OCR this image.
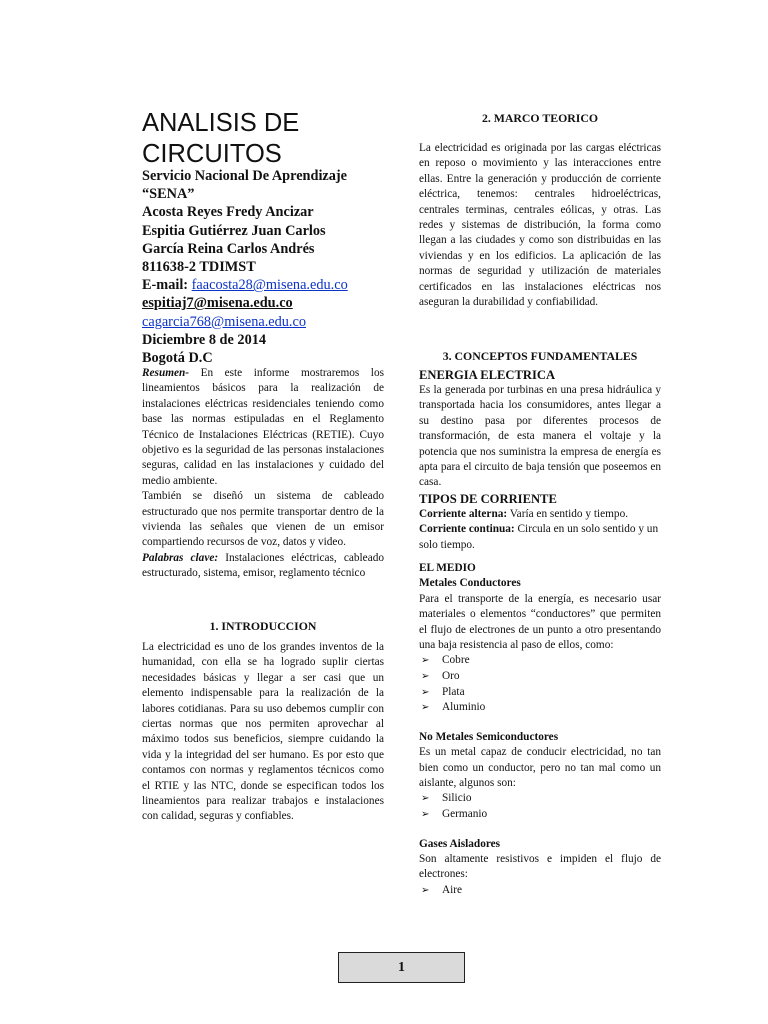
ANALISIS DE CIRCUITOS
Servicio Nacional De Aprendizaje
“SENA”
Acosta Reyes Fredy Ancizar
Espitia Gutiérrez Juan Carlos
García Reina Carlos Andrés
811638-2 TDIMST
E-mail: faacosta28@misena.edu.co
espitiaj7@misena.edu.co
cagarcia768@misena.edu.co
Diciembre 8 de 2014
Bogotá D.C

Resumen- En este informe mostraremos los lineamientos básicos para la realización de instalaciones eléctricas residenciales teniendo como base las normas estipuladas en el Reglamento Técnico de Instalaciones Eléctricas (RETIE). Cuyo objetivo es la seguridad de las personas instalaciones seguras, calidad en las instalaciones y cuidado del medio ambiente.

También se diseñó un sistema de cableado estructurado que nos permite transportar dentro de la vivienda las señales que vienen de un emisor compartiendo recursos de voz, datos y video.

Palabras clave: Instalaciones eléctricas, cableado estructurado, sistema, emisor, reglamento técnico

1. INTRODUCCION
La electricidad es uno de los grandes inventos de la humanidad, con ella se ha logrado suplir ciertas necesidades básicas y llegar a ser casi que un elemento indispensable para la realización de la labores cotidianas. Para su uso debemos cumplir con ciertas normas que nos permiten aprovechar al máximo todos sus beneficios, siempre cuidando la vida y la integridad del ser humano. Es por esto que contamos con normas y reglamentos técnicos como el RTIE y las NTC, donde se especifican todos los lineamientos para realizar trabajos e instalaciones con calidad, seguras y confiables.
2. MARCO TEORICO
La electricidad es originada por las cargas eléctricas en reposo o movimiento y las interacciones entre ellas. Entre la generación y producción de corriente eléctrica, tenemos: centrales hidroeléctricas, centrales terminas, centrales eólicas, y otras. Las redes y sistemas de distribución, la forma como llegan a las ciudades y como son distribuidas en las viviendas y en los edificios. La aplicación de las normas de seguridad y utilización de materiales certificados en las instalaciones eléctricas nos aseguran la durabilidad y confiabilidad.
3. CONCEPTOS FUNDAMENTALES
ENERGIA ELECTRICA
Es la generada por turbinas en una presa hidráulica y transportada hacia los consumidores, antes llegar a su destino pasa por diferentes procesos de transformación, de esta manera el voltaje y la potencia que nos suministra la empresa de energía es apta para el circuito de baja tensión que poseemos en casa.
TIPOS DE CORRIENTE

Corriente alterna: Varía en sentido y tiempo.

Corriente continua: Circula en un solo sentido y un solo tiempo.

EL MEDIO
Metales Conductores
Para el transporte de la energía, es necesario usar materiales o elementos “conductores” que permiten el flujo de electrones de un punto a otro presentando una baja resistencia al paso de ellos, como:
➢ Cobre
➢ Oro
➢ Plata
➢ Aluminio
No Metales Semiconductores
Es un metal capaz de conducir electricidad, no tan bien como un conductor, pero no tan mal como un aislante, algunos son:
➢ Silicio
➢ Germanio
Gases Aisladores
Son altamente resistivos e impiden el flujo de electrones:
➢ Aire
1
